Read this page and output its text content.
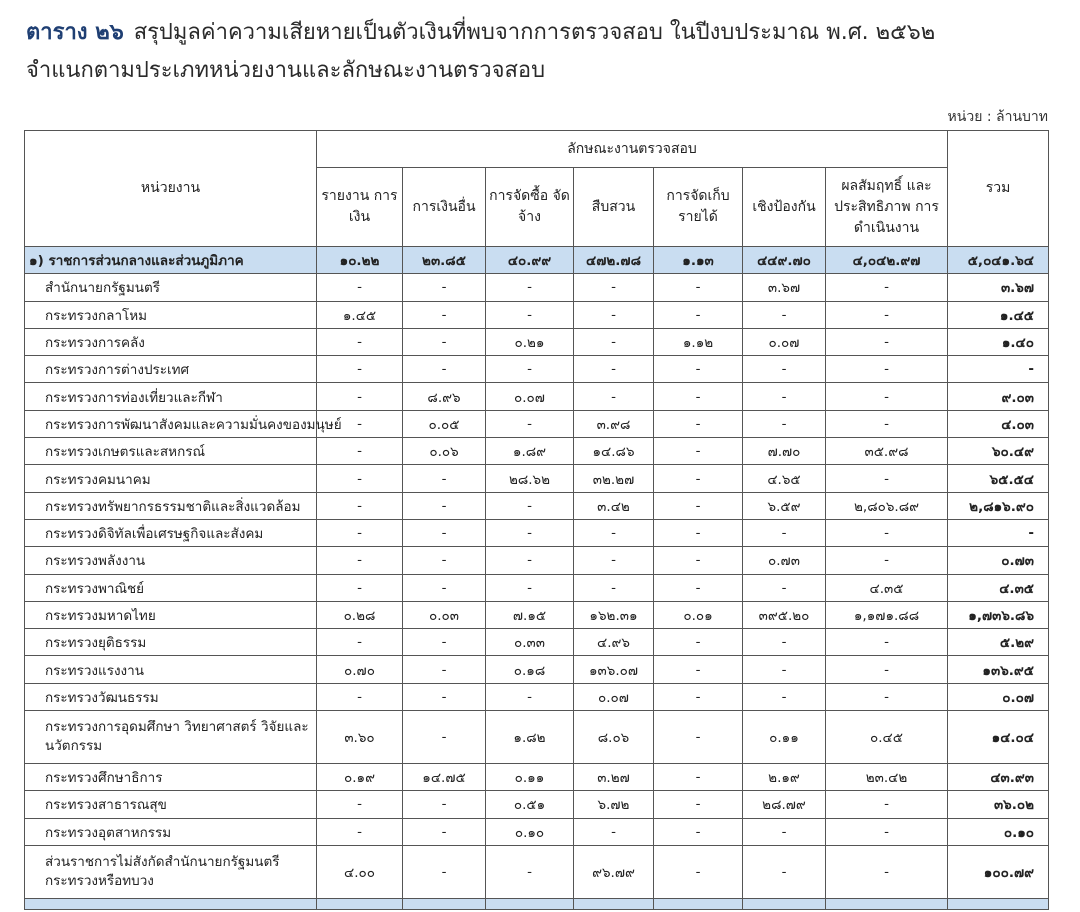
ตาราง ๒๖ สรุปมูลค่าความเสียหายเป็นตัวเงินที่พบจากการตรวจสอบ ในปีงบประมาณ พ.ศ. ๒๕๖๒
จำแนกตามประเภทหน่วยงานและลักษณะงานตรวจสอบ
หน่วย : ล้านบาท
หน่วยงาน	ลักษณะงานตรวจสอบ							รวม
	รายงาน การเงิน	การเงินอื่น	การจัดซื้อ จัดจ้าง	สืบสวน	การจัดเก็บ รายได้	เชิงป้องกัน	ผลสัมฤทธิ์ และประสิทธิภาพ การดำเนินงาน	
๑) ราชการส่วนกลางและส่วนภูมิภาค	๑๐.๒๒	๒๓.๘๕	๔๐.๙๙	๔๗๒.๗๘	๑.๑๓	๔๔๙.๗๐	๔,๐๔๒.๙๗	๕,๐๔๑.๖๔
สำนักนายกรัฐมนตรี	-	-	-	-	-	๓.๖๗	-	๓.๖๗
กระทรวงกลาโหม	๑.๔๕	-	-	-	-	-	-	๑.๔๕
กระทรวงการคลัง	-	-	๐.๒๑	-	๑.๑๒	๐.๐๗	-	๑.๔๐
กระทรวงการต่างประเทศ	-	-	-	-	-	-	-	-
กระทรวงการท่องเที่ยวและกีฬา	-	๘.๙๖	๐.๐๗	-	-	-	-	๙.๐๓
กระทรวงการพัฒนาสังคมและความมั่นคงของมนุษย์	-	๐.๐๕	-	๓.๙๘	-	-	-	๔.๐๓
กระทรวงเกษตรและสหกรณ์	-	๐.๐๖	๑.๘๙	๑๔.๘๖	-	๗.๗๐	๓๕.๙๘	๖๐.๔๙
กระทรวงคมนาคม	-	-	๒๘.๖๒	๓๒.๒๗	-	๔.๖๕	-	๖๕.๕๔
กระทรวงทรัพยากรธรรมชาติและสิ่งแวดล้อม	-	-	-	๓.๔๒	-	๖.๕๙	๒,๘๐๖.๘๙	๒,๘๑๖.๙๐
กระทรวงดิจิทัลเพื่อเศรษฐกิจและสังคม	-	-	-	-	-	-	-	-
กระทรวงพลังงาน	-	-	-	-	-	๐.๗๓	-	๐.๗๓
กระทรวงพาณิชย์	-	-	-	-	-	-	๔.๓๕	๔.๓๕
กระทรวงมหาดไทย	๐.๒๘	๐.๐๓	๗.๑๕	๑๖๒.๓๑	๐.๐๑	๓๙๕.๒๐	๑,๑๗๑.๘๘	๑,๗๓๖.๘๖
กระทรวงยุติธรรม	-	-	๐.๓๓	๔.๙๖	-	-	-	๕.๒๙
กระทรวงแรงงาน	๐.๗๐	-	๐.๑๘	๑๓๖.๐๗	-	-	-	๑๓๖.๙๕
กระทรวงวัฒนธรรม	-	-	-	๐.๐๗	-	-	-	๐.๐๗
กระทรวงการอุดมศึกษา วิทยาศาสตร์ วิจัยและนวัตกรรม	๓.๖๐	-	๑.๘๒	๘.๐๖	-	๐.๑๑	๐.๔๕	๑๔.๐๔
กระทรวงศึกษาธิการ	๐.๑๙	๑๔.๗๕	๐.๑๑	๓.๒๗	-	๒.๑๙	๒๓.๔๒	๔๓.๙๓
กระทรวงสาธารณสุข	-	-	๐.๕๑	๖.๗๒	-	๒๘.๗๙	-	๓๖.๐๒
กระทรวงอุตสาหกรรม	-	-	๐.๑๐	-	-	-	-	๐.๑๐
ส่วนราชการไม่สังกัดสำนักนายกรัฐมนตรี กระทรวงหรือทบวง	๔.๐๐	-	-	๙๖.๗๙	-	-	-	๑๐๐.๗๙
